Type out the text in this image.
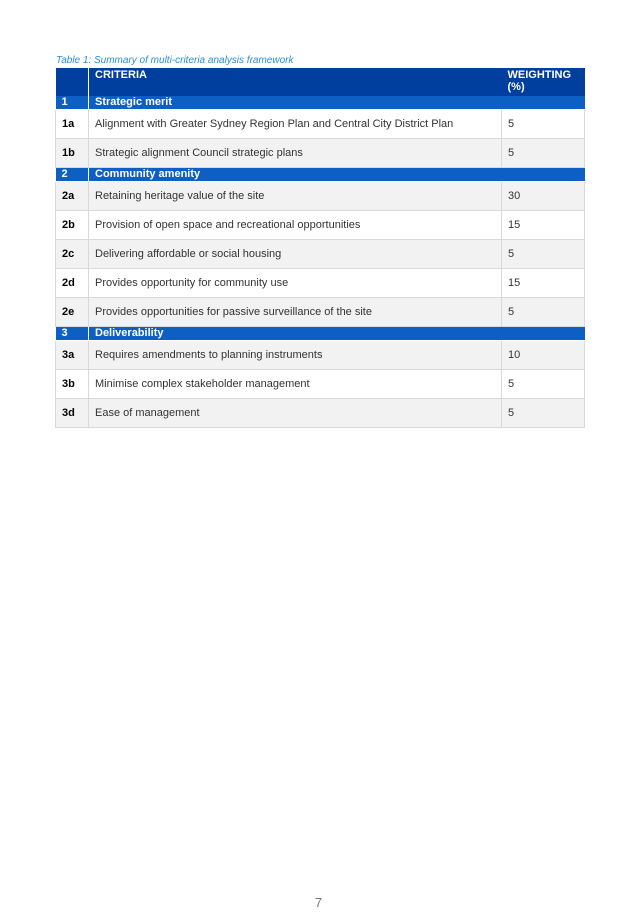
Table 1: Summary of multi-criteria analysis framework
	CRITERIA	WEIGHTING (%)
1	Strategic merit	
1a	Alignment with Greater Sydney Region Plan and Central City District Plan	5
1b	Strategic alignment Council strategic plans	5
2	Community amenity	
2a	Retaining heritage value of the site	30
2b	Provision of open space and recreational opportunities	15
2c	Delivering affordable or social housing	5
2d	Provides opportunity for community use	15
2e	Provides opportunities for passive surveillance of the site	5
3	Deliverability	
3a	Requires amendments to planning instruments	10
3b	Minimise complex stakeholder management	5
3d	Ease of management	5
7
